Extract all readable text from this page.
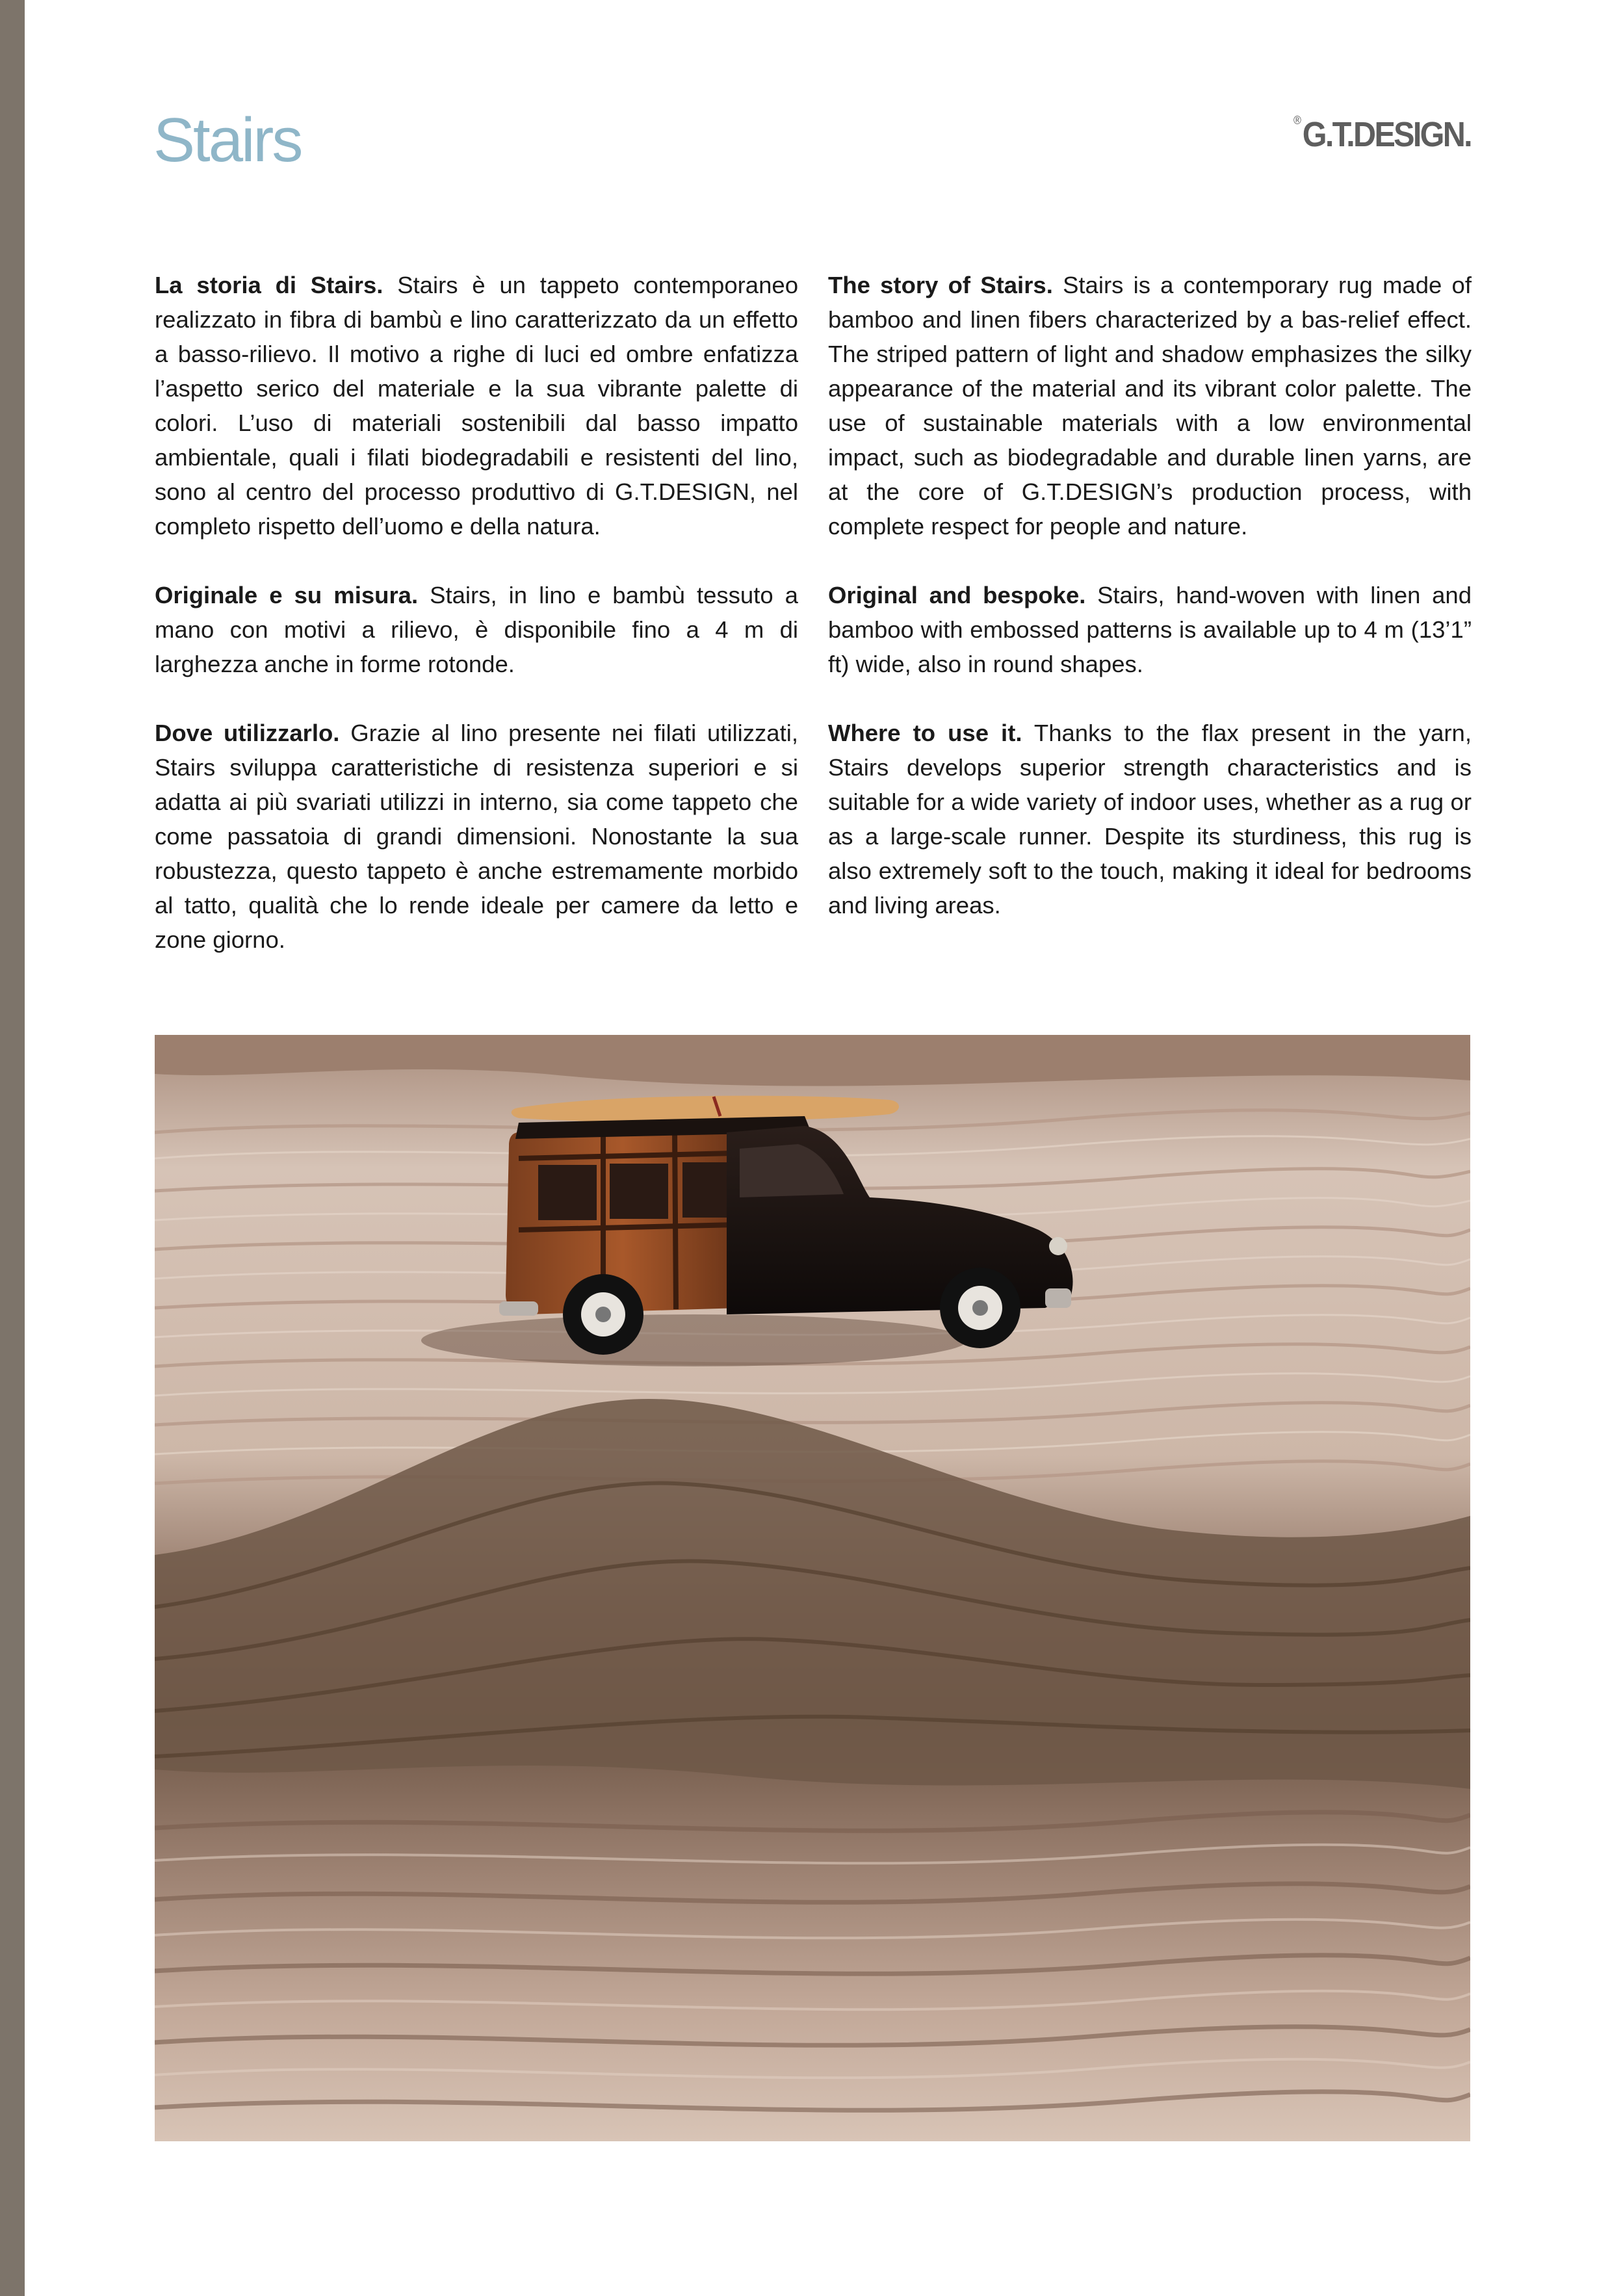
Stairs	®G.T.DESIGN.

La storia di Stairs. Stairs è un tappeto contemporaneo realizzato in fibra di bambù e lino caratterizzato da un effetto a basso-rilievo. Il motivo a righe di luci ed ombre enfatizza l’aspetto serico del materiale e la sua vibrante palette di colori. L’uso di materiali sostenibili dal basso impatto ambientale, quali i filati biodegradabili e resistenti del lino, sono al centro del processo produttivo di G.T.DESIGN, nel completo rispetto dell’uomo e della natura.

Originale e su misura. Stairs, in lino e bambù tessuto a mano con motivi a rilievo, è disponibile fino a 4 m di larghezza anche in forme rotonde.

Dove utilizzarlo. Grazie al lino presente nei filati utilizzati, Stairs sviluppa caratteristiche di resistenza superiori e si adatta ai più svariati utilizzi in interno, sia come tappeto che come passatoia di grandi dimensioni. Nonostante la sua robustezza, questo tappeto è anche estremamente morbido al tatto, qualità che lo rende ideale per camere da letto e zone giorno.

The story of Stairs. Stairs is a contemporary rug made of bamboo and linen fibers characterized by a bas-relief effect. The striped pattern of light and shadow emphasizes the silky appearance of the material and its vibrant color palette. The use of sustainable materials with a low environmental impact, such as biodegradable and durable linen yarns, are at the core of G.T.DESIGN’s production process, with complete respect for people and nature.

Original and bespoke. Stairs, hand-woven with linen and bamboo with embossed patterns is available up to 4 m (13’1” ft) wide, also in round shapes.

Where to use it. Thanks to the flax present in the yarn, Stairs develops superior strength characteristics and is suitable for a wide variety of indoor uses, whether as a rug or as a large-scale runner. Despite its sturdiness, this rug is also extremely soft to the touch, making it ideal for bedrooms and living areas.
